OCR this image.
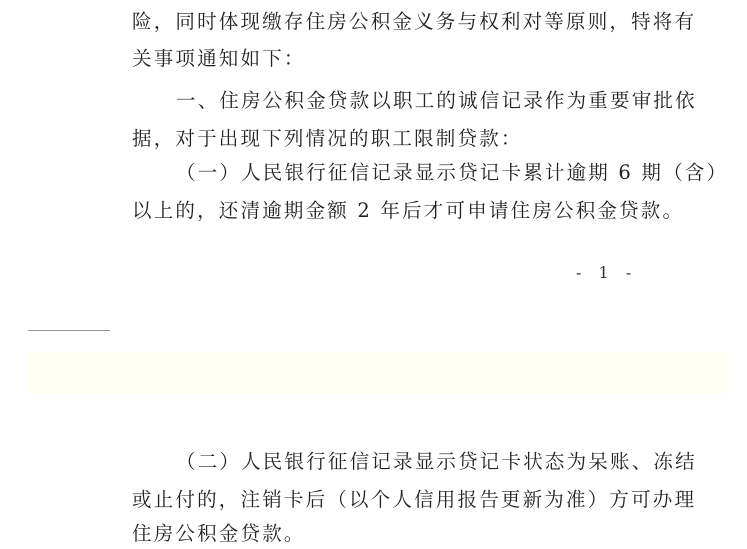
险，同时体现缴存住房公积金义务与权利对等原则，特将有
关事项通知如下：
一、住房公积金贷款以职工的诚信记录作为重要审批依
据，对于出现下列情况的职工限制贷款：
（一）人民银行征信记录显示贷记卡累计逾期 6 期（含）
以上的，还清逾期金额 2 年后才可申请住房公积金贷款。
- 1 -
（二）人民银行征信记录显示贷记卡状态为呆账、冻结
或止付的，注销卡后（以个人信用报告更新为准）方可办理
住房公积金贷款。
